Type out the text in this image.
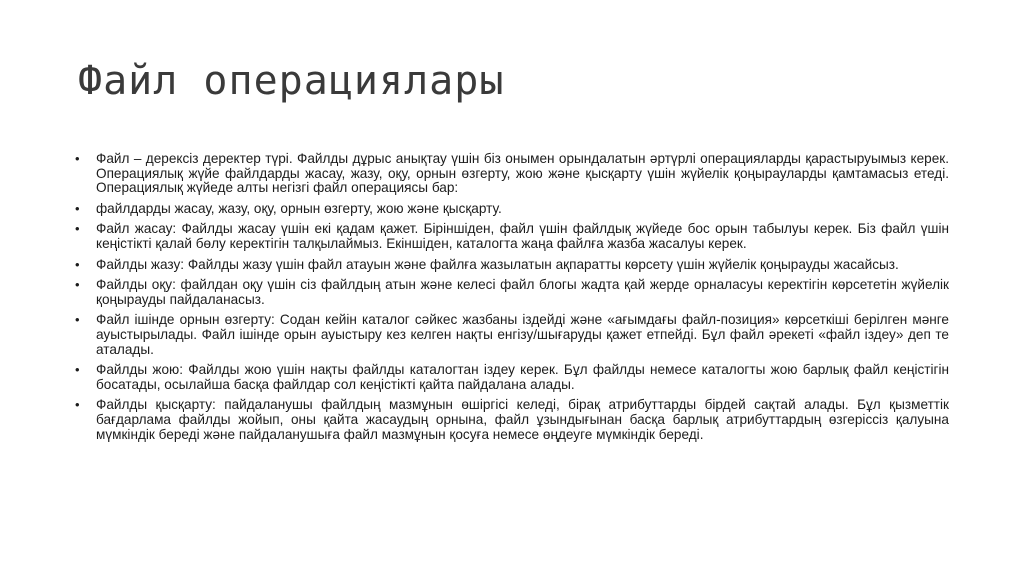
Файл операциялары
•	Файл – дерексіз деректер түрі. Файлды дұрыс анықтау үшін біз онымен орындалатын әртүрлі операцияларды қарастыруымыз керек. Операциялық жүйе файлдарды жасау, жазу, оқу, орнын өзгерту, жою және қысқарту үшін жүйелік қоңырауларды қамтамасыз етеді. Операциялық жүйеде алты негізгі файл операциясы бар:
•	файлдарды жасау, жазу, оқу, орнын өзгерту, жою және қысқарту.
•	Файл жасау: Файлды жасау үшін екі қадам қажет. Біріншіден, файл үшін файлдық жүйеде бос орын табылуы керек. Біз файл үшін кеңістікті қалай бөлу керектігін талқылаймыз. Екіншіден, каталогта жаңа файлға жазба жасалуы керек.
•	Файлды жазу: Файлды жазу үшін файл атауын және файлға жазылатын ақпаратты көрсету үшін жүйелік қоңырауды жасайсыз.
•	Файлды оқу: файлдан оқу үшін сіз файлдың атын және келесі файл блогы жадта қай жерде орналасуы керектігін көрсететін жүйелік қоңырауды пайдаланасыз.
•	Файл ішінде орнын өзгерту: Содан кейін каталог сәйкес жазбаны іздейді және «ағымдағы файл-позиция» көрсеткіші берілген мәнге ауыстырылады. Файл ішінде орын ауыстыру кез келген нақты енгізу/шығаруды қажет етпейді. Бұл файл әрекеті «файл іздеу» деп те аталады.
•	Файлды жою: Файлды жою үшін нақты файлды каталогтан іздеу керек. Бұл файлды немесе каталогты жою барлық файл кеңістігін босатады, осылайша басқа файлдар сол кеңістікті қайта пайдалана алады.
•	Файлды қысқарту: пайдаланушы файлдың мазмұнын өшіргісі келеді, бірақ атрибуттарды бірдей сақтай алады. Бұл қызметтік бағдарлама файлды жойып, оны қайта жасаудың орнына, файл ұзындығынан басқа барлық атрибуттардың өзгеріссіз қалуына мүмкіндік береді және пайдаланушыға файл мазмұнын қосуға немесе өңдеуге мүмкіндік береді.
